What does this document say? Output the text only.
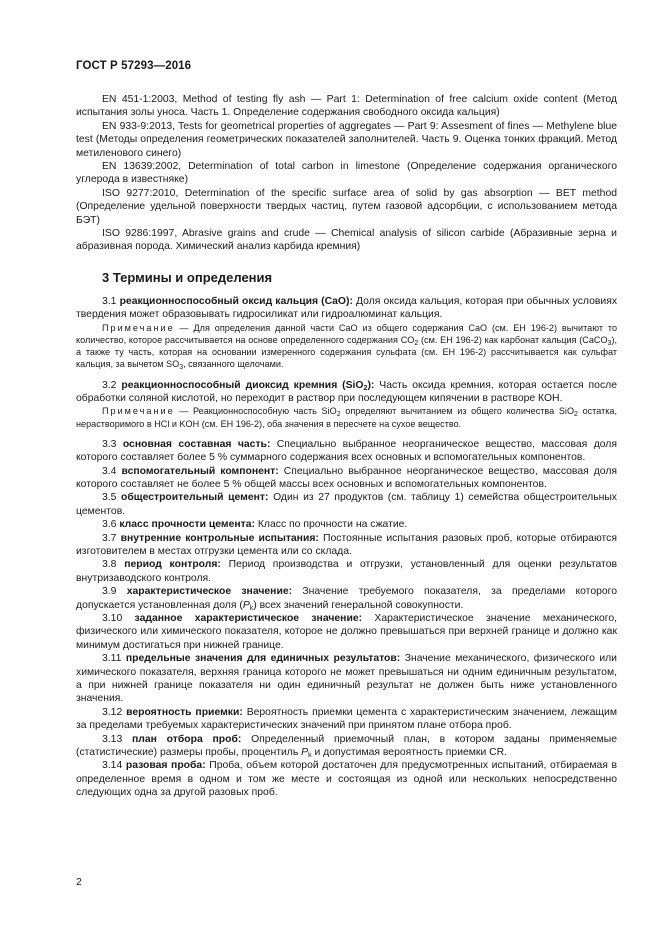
ГОСТ Р 57293—2016

EN 451-1:2003, Method of testing fly ash — Part 1: Determination of free calcium oxide content (Метод испытания золы уноса. Часть 1. Определение содержания свободного оксида кальция)

EN 933-9:2013, Tests for geometrical properties of aggregates — Part 9: Assesment of fines — Methylene blue test (Методы определения геометрических показателей заполнителей. Часть 9. Оценка тонких фракций. Метод метиленового синего)

EN 13639:2002, Determination of total carbon in limestone (Определение содержания органического углерода в известняке)

ISO 9277:2010, Determination of the specific surface area of solid by gas absorption — BET method (Определение удельной поверхности твердых частиц, путем газовой адсорбции, с использованием метода БЭТ)

ISO 9286:1997, Abrasive grains and crude — Chemical analysis of silicon carbide (Абразивные зерна и абразивная порода. Химический анализ карбида кремния)

3 Термины и определения

3.1 реакционноспособный оксид кальция (CaO): Доля оксида кальция, которая при обычных условиях твердения может образовывать гидросиликат или гидроалюминат кальция.

Примечание — Для определения данной части CaO из общего содержания CaO (см. ЕН 196-2) вычитают то количество, которое рассчитывается на основе определенного содержания $CO_2$ (см. ЕН 196-2) как карбонат кальция (CaCO$_3$), а также ту часть, которая на основании измеренного содержания сульфата (см. ЕН 196-2) рассчитывается как сульфат кальция, за вычетом $SO_3$, связанного щелочами.

3.2 реакционноспособный диоксид кремния (SiO$_2$): Часть оксида кремния, которая остается после обработки соляной кислотой, но переходит в раствор при последующем кипячении в растворе КОН.

Примечание — Реакционноспособную часть SiO$_2$ определяют вычитанием из общего количества SiO$_2$ остатка, нерастворимого в HCl и KOH (см. ЕН 196-2), оба значения в пересчете на сухое вещество.

3.3 основная составная часть: Специально выбранное неорганическое вещество, массовая доля которого составляет более 5 % суммарного содержания всех основных и вспомогательных компонентов.

3.4 вспомогательный компонент: Специально выбранное неорганическое вещество, массовая доля которого составляет не более 5 % общей массы всех основных и вспомогательных компонентов.

3.5 общестроительный цемент: Один из 27 продуктов (см. таблицу 1) семейства общестроительных цементов.

3.6 класс прочности цемента: Класс по прочности на сжатие.

3.7 внутренние контрольные испытания: Постоянные испытания разовых проб, которые отбираются изготовителем в местах отгрузки цемента или со склада.

3.8 период контроля: Период производства и отгрузки, установленный для оценки результатов внутризаводского контроля.

3.9 характеристическое значение: Значение требуемого показателя, за пределами которого допускается установленная доля $(P_k)$ всех значений генеральной совокупности.

3.10 заданное характеристическое значение: Характеристическое значение механического, физического или химического показателя, которое не должно превышаться при верхней границе и должно как минимум достигаться при нижней границе.

3.11 предельные значения для единичных результатов: Значение механического, физического или химического показателя, верхняя граница которого не может превышаться ни одним единичным результатом, а при нижней границе показателя ни один единичный результат не должен быть ниже установленного значения.

3.12 вероятность приемки: Вероятность приемки цемента с характеристическим значением, лежащим за пределами требуемых характеристических значений при принятом плане отбора проб.

3.13 план отбора проб: Определенный приемочный план, в котором заданы применяемые (статистические) размеры пробы, процентиль $P_k$ и допустимая вероятность приемки CR.

3.14 разовая проба: Проба, объем которой достаточен для предусмотренных испытаний, отбираемая в определенное время в одном и том же месте и состоящая из одной или нескольких непосредственно следующих одна за другой разовых проб.

2
